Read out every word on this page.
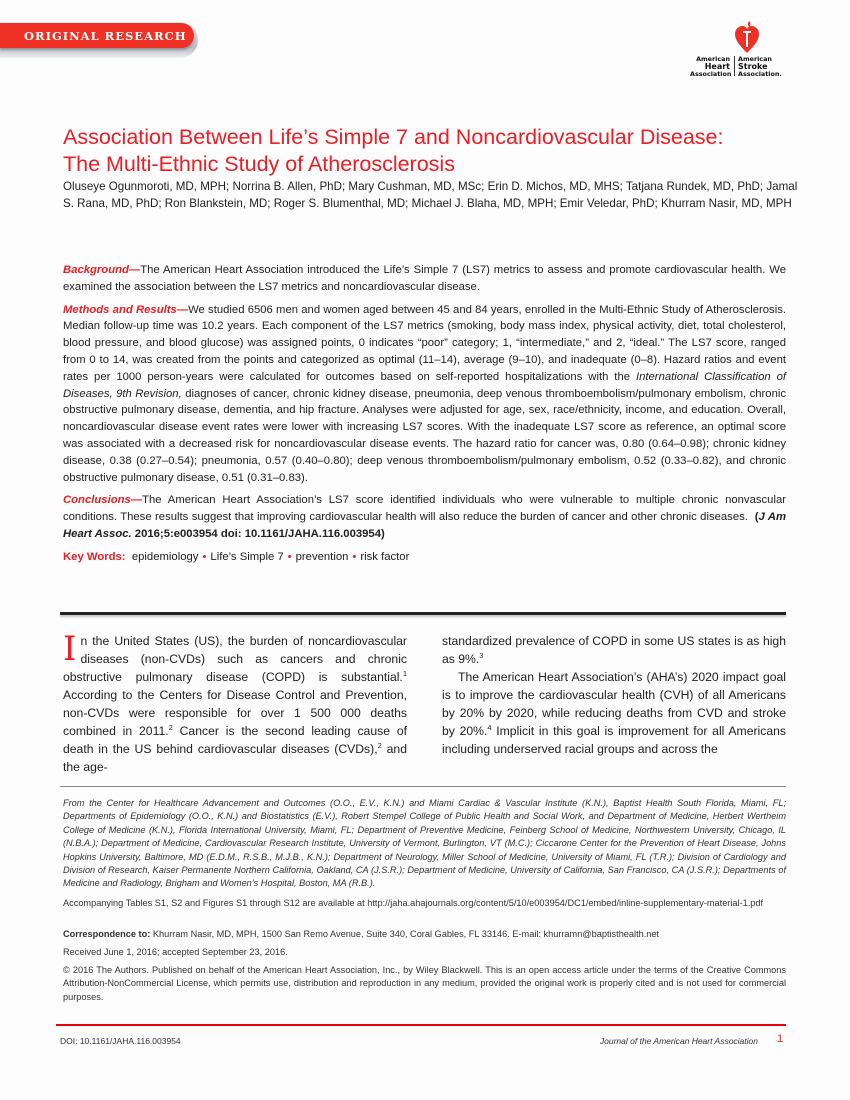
ORIGINAL RESEARCH
American
Heart
Association
American
Stroke
Association.
Association Between Life’s Simple 7 and Noncardiovascular Disease:
The Multi-Ethnic Study of Atherosclerosis
Oluseye Ogunmoroti, MD, MPH; Norrina B. Allen, PhD; Mary Cushman, MD, MSc; Erin D. Michos, MD, MHS; Tatjana Rundek, MD, PhD; Jamal S. Rana, MD, PhD; Ron Blankstein, MD; Roger S. Blumenthal, MD; Michael J. Blaha, MD, MPH; Emir Veledar, PhD; Khurram Nasir, MD, MPH

Background—The American Heart Association introduced the Life’s Simple 7 (LS7) metrics to assess and promote cardiovascular health. We examined the association between the LS7 metrics and noncardiovascular disease.

Methods and Results—We studied 6506 men and women aged between 45 and 84 years, enrolled in the Multi-Ethnic Study of Atherosclerosis. Median follow-up time was 10.2 years. Each component of the LS7 metrics (smoking, body mass index, physical activity, diet, total cholesterol, blood pressure, and blood glucose) was assigned points, 0 indicates “poor” category; 1, “intermediate,” and 2, “ideal.” The LS7 score, ranged from 0 to 14, was created from the points and categorized as optimal (11–14), average (9–10), and inadequate (0–8). Hazard ratios and event rates per 1000 person-years were calculated for outcomes based on self-reported hospitalizations with the International Classification of Diseases, 9th Revision, diagnoses of cancer, chronic kidney disease, pneumonia, deep venous thromboembolism/pulmonary embolism, chronic obstructive pulmonary disease, dementia, and hip fracture. Analyses were adjusted for age, sex, race/ethnicity, income, and education. Overall, noncardiovascular disease event rates were lower with increasing LS7 scores. With the inadequate LS7 score as reference, an optimal score was associated with a decreased risk for noncardiovascular disease events. The hazard ratio for cancer was, 0.80 (0.64–0.98); chronic kidney disease, 0.38 (0.27–0.54); pneumonia, 0.57 (0.40–0.80); deep venous thromboembolism/pulmonary embolism, 0.52 (0.33–0.82), and chronic obstructive pulmonary disease, 0.51 (0.31–0.83).

Conclusions—The American Heart Association’s LS7 score identified individuals who were vulnerable to multiple chronic nonvascular conditions. These results suggest that improving cardiovascular health will also reduce the burden of cancer and other chronic diseases. (J Am Heart Assoc. 2016;5:e003954 doi: 10.1161/JAHA.116.003954)

Key Words: epidemiology • Life’s Simple 7 • prevention • risk factor

In the United States (US), the burden of noncardiovascular diseases (non-CVDs) such as cancers and chronic obstructive pulmonary disease (COPD) is substantial.$^1$ According to the Centers for Disease Control and Prevention, non-CVDs were responsible for over 1 500 000 deaths combined in 2011.$^2$ Cancer is the second leading cause of death in the US behind cardiovascular diseases (CVDs),$^2$ and the age-

standardized prevalence of COPD in some US states is as high as 9%.$^3$

The American Heart Association’s (AHA’s) 2020 impact goal is to improve the cardiovascular health (CVH) of all Americans by 20% by 2020, while reducing deaths from CVD and stroke by 20%.$^4$ Implicit in this goal is improvement for all Americans including underserved racial groups and across the

From the Center for Healthcare Advancement and Outcomes (O.O., E.V., K.N.) and Miami Cardiac & Vascular Institute (K.N.), Baptist Health South Florida, Miami, FL; Departments of Epidemiology (O.O., K.N.) and Biostatistics (E.V.), Robert Stempel College of Public Health and Social Work, and Department of Medicine, Herbert Wertheim College of Medicine (K.N.), Florida International University, Miami, FL; Department of Preventive Medicine, Feinberg School of Medicine, Northwestern University, Chicago, IL (N.B.A.); Department of Medicine, Cardiovascular Research Institute, University of Vermont, Burlington, VT (M.C.); Ciccarone Center for the Prevention of Heart Disease, Johns Hopkins University, Baltimore, MD (E.D.M., R.S.B., M.J.B., K.N.); Department of Neurology, Miller School of Medicine, University of Miami, FL (T.R.); Division of Cardiology and Division of Research, Kaiser Permanente Northern California, Oakland, CA (J.S.R.); Department of Medicine, University of California, San Francisco, CA (J.S.R.); Departments of Medicine and Radiology, Brigham and Women’s Hospital, Boston, MA (R.B.).
Accompanying Tables S1, S2 and Figures S1 through S12 are available at http://jaha.ahajournals.org/content/5/10/e003954/DC1/embed/inline-supplementary-material-1.pdf
Correspondence to: Khurram Nasir, MD, MPH, 1500 San Remo Avenue, Suite 340, Coral Gables, FL 33146. E-mail: khurramn@baptisthealth.net
Received June 1, 2016; accepted September 23, 2016.
© 2016 The Authors. Published on behalf of the American Heart Association, Inc., by Wiley Blackwell. This is an open access article under the terms of the Creative Commons Attribution-NonCommercial License, which permits use, distribution and reproduction in any medium, provided the original work is properly cited and is not used for commercial purposes.
DOI: 10.1161/JAHA.116.003954	Journal of the American Heart Association 1
